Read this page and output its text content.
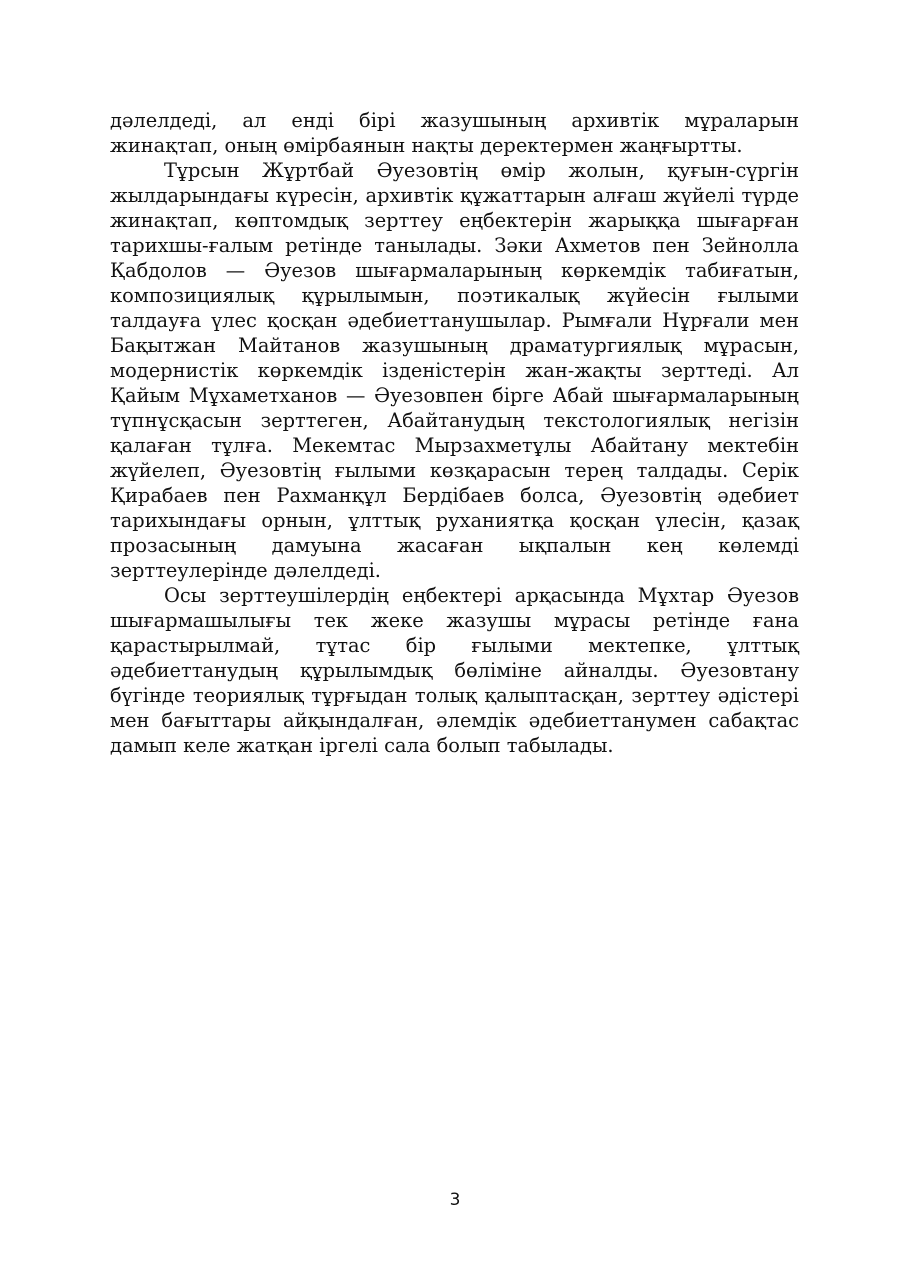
дәлелдеді, ал енді бірі жазушының архивтік мұраларын жинақтап, оның өмірбаянын нақты деректермен жаңғыртты.

Тұрсын Жұртбай Әуезовтің өмір жолын, қуғын-сүргін жылдарындағы күресін, архивтік құжаттарын алғаш жүйелі түрде жинақтап, көптомдық зерттеу еңбектерін жарыққа шығарған тарихшы-ғалым ретінде танылады. Зәки Ахметов пен Зейнолла Қабдолов — Әуезов шығармаларының көркемдік табиғатын, композициялық құрылымын, поэтикалық жүйесін ғылыми талдауға үлес қосқан әдебиеттанушылар. Рымғали Нұрғали мен Бақытжан Майтанов жазушының драматургиялық мұрасын, модернистік көркемдік ізденістерін жан-жақты зерттеді. Ал Қайым Мұхаметханов — Әуезовпен бірге Абай шығармаларының түпнұсқасын зерттеген, Абайтанудың текстологиялық негізін қалаған тұлға. Мекемтас Мырзахметұлы Абайтану мектебін жүйелеп, Әуезовтің ғылыми көзқарасын терең талдады. Серік Қирабаев пен Рахманқұл Бердібаев болса, Әуезовтің әдебиет тарихындағы орнын, ұлттық руханиятқа қосқан үлесін, қазақ прозасының дамуына жасаған ықпалын кең көлемді зерттеулерінде дәлелдеді.

Осы зерттеушілердің еңбектері арқасында Мұхтар Әуезов шығармашылығы тек жеке жазушы мұрасы ретінде ғана қарастырылмай, тұтас бір ғылыми мектепке, ұлттық әдебиеттанудың құрылымдық бөліміне айналды. Әуезовтану бүгінде теориялық тұрғыдан толық қалыптасқан, зерттеу әдістері мен бағыттары айқындалған, әлемдік әдебиеттанумен сабақтас дамып келе жатқан іргелі сала болып табылады.

3
